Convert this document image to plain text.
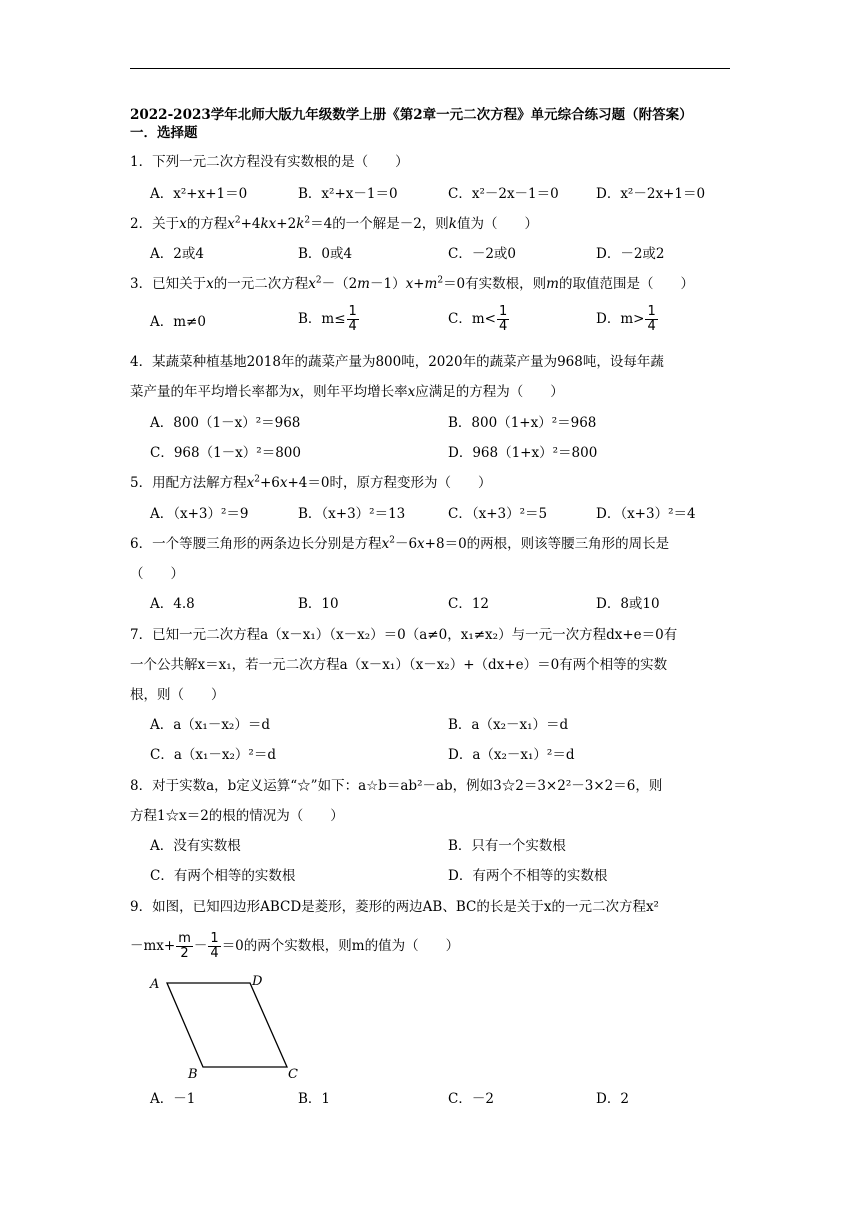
2022-2023学年北师大版九年级数学上册《第2章一元二次方程》单元综合练习题（附答案）
一．选择题
1．下列一元二次方程没有实数根的是（　　）
A．x²+x+1＝0	B．x²+x－1＝0	C．x²－2x－1＝0	D．x²－2x+1＝0
2．关于x的方程$x^2+4kx+2k^2=4$的一个解是－2，则k值为（　　）
A．2或4	B．0或4	C．－2或0	D．－2或2
3．已知关于x的一元二次方程$x^2-(2m-1)x+m^2=0$有实数根，则m的取值范围是（　　）
A．m≠0	B．$m\le \frac{1}{4}$	C．$m< \frac{1}{4}$	D．$m> \frac{1}{4}$
4．某蔬菜种植基地2018年的蔬菜产量为800吨，2020年的蔬菜产量为968吨，设每年蔬
菜产量的年平均增长率都为x，则年平均增长率x应满足的方程为（　　）
A．800（1－x）²＝968	B．800（1+x）²＝968
C．968（1－x）²＝800	D．968（1+x）²＝800
5．用配方法解方程$x^2+6x+4=0$时，原方程变形为（　　）
A．（x+3）²＝9	B．（x+3）²＝13	C．（x+3）²＝5	D．（x+3）²＝4
6．一个等腰三角形的两条边长分别是方程$x^2-6x+8=0$的两根，则该等腰三角形的周长是
（　　）
A．4.8	B．10	C．12	D．8或10
7．已知一元二次方程a（x－x₁）（x－x₂）＝0（a≠0，x₁≠x₂）与一元一次方程dx+e＝0有
一个公共解x＝x₁，若一元二次方程a（x－x₁）（x－x₂）+（dx+e）＝0有两个相等的实数
根，则（　　）
A．a（x₁－x₂）＝d	B．a（x₂－x₁）＝d
C．a（x₁－x₂）²＝d	D．a（x₂－x₁）²＝d
8．对于实数a，b定义运算“☆”如下：a☆b＝ab²－ab，例如3☆2＝3×2²－3×2＝6，则
方程1☆x＝2的根的情况为（　　）
A．没有实数根	B．只有一个实数根
C．有两个相等的实数根	D．有两个不相等的实数根
9．如图，已知四边形ABCD是菱形，菱形的两边AB、BC的长是关于x的一元二次方程x²
$-mx+ \frac{m}{2} - \frac{1}{4} =0$的两个实数根，则m的值为（　　）
A	D
B	C
A．－1	B．1	C．－2	D．2
